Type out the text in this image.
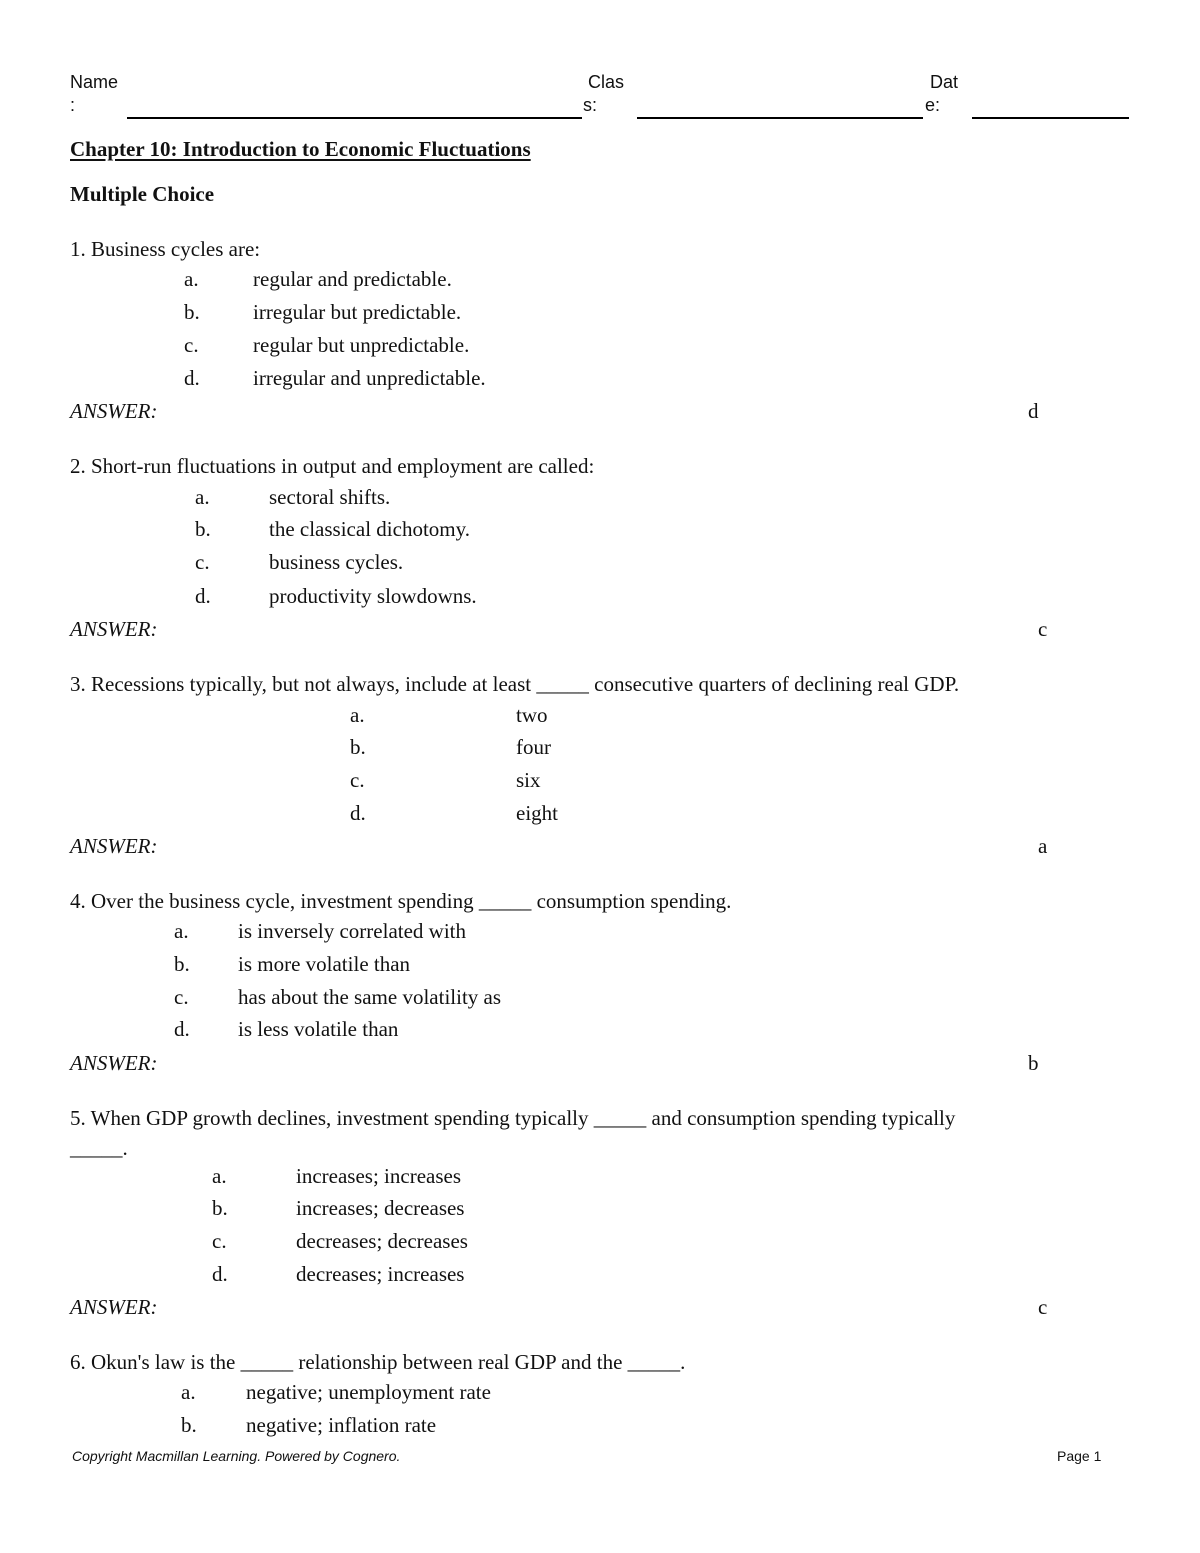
Name
:
Clas
s:
Dat
e:
Chapter 10: Introduction to Economic Fluctuations
Multiple Choice
1. Business cycles are:
a.	regular and predictable.
b.	irregular but predictable.
c.	regular but unpredictable.
d.	irregular and unpredictable.
ANSWER:	d
2. Short-run fluctuations in output and employment are called:
a.	sectoral shifts.
b.	the classical dichotomy.
c.	business cycles.
d.	productivity slowdowns.
ANSWER:	c
3. Recessions typically, but not always, include at least _____ consecutive quarters of declining real GDP.
a.	two
b.	four
c.	six
d.	eight
ANSWER:	a
4. Over the business cycle, investment spending _____ consumption spending.
a. is inversely correlated with
b. is more volatile than
c. has about the same volatility as
d. is less volatile than
ANSWER:	b
5. When GDP growth declines, investment spending typically _____ and consumption spending typically
_____.
a.	increases; increases
b.	increases; decreases
c.	decreases; decreases
d.	decreases; increases
ANSWER:	c
6. Okun's law is the _____ relationship between real GDP and the _____.
a. negative; unemployment rate
b. negative; inflation rate
Copyright Macmillan Learning. Powered by Cognero.	Page 1
